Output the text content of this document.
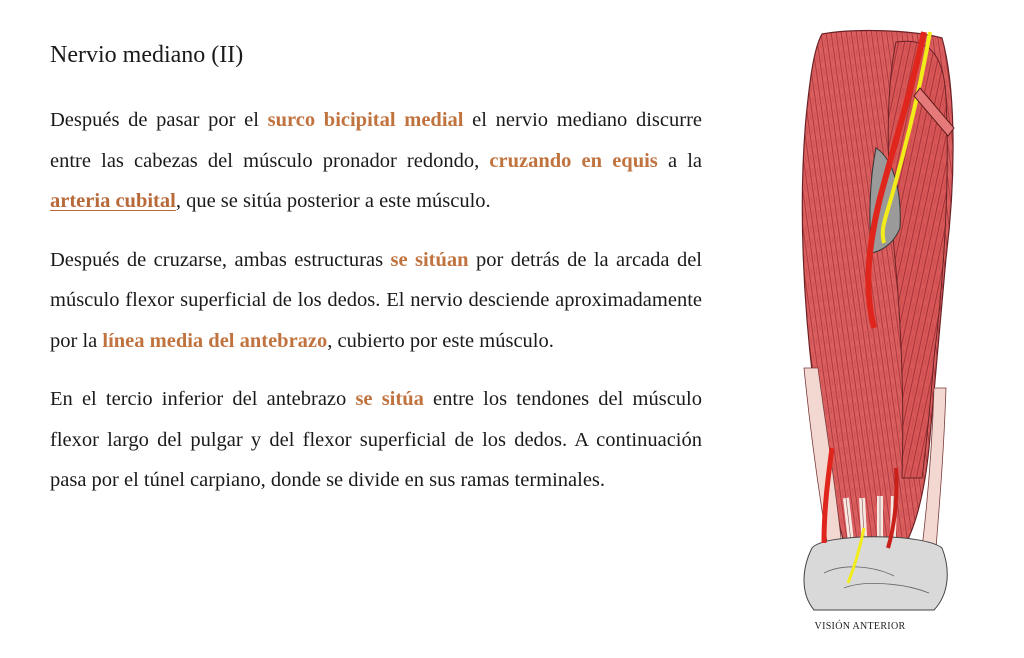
Nervio mediano (II)

Después de pasar por el surco bicipital medial el nervio mediano discurre entre las cabezas del músculo pronador redondo, cruzando en equis a la arteria cubital, que se sitúa posterior a este músculo.

Después de cruzarse, ambas estructuras se sitúan por detrás de la arcada del músculo flexor superficial de los dedos. El nervio desciende aproximadamente por la línea media del antebrazo, cubierto por este músculo.

En el tercio inferior del antebrazo se sitúa entre los tendones del músculo flexor largo del pulgar y del flexor superficial de los dedos. A continuación pasa por el túnel carpiano, donde se divide en sus ramas terminales.

VISIÓN ANTERIOR
